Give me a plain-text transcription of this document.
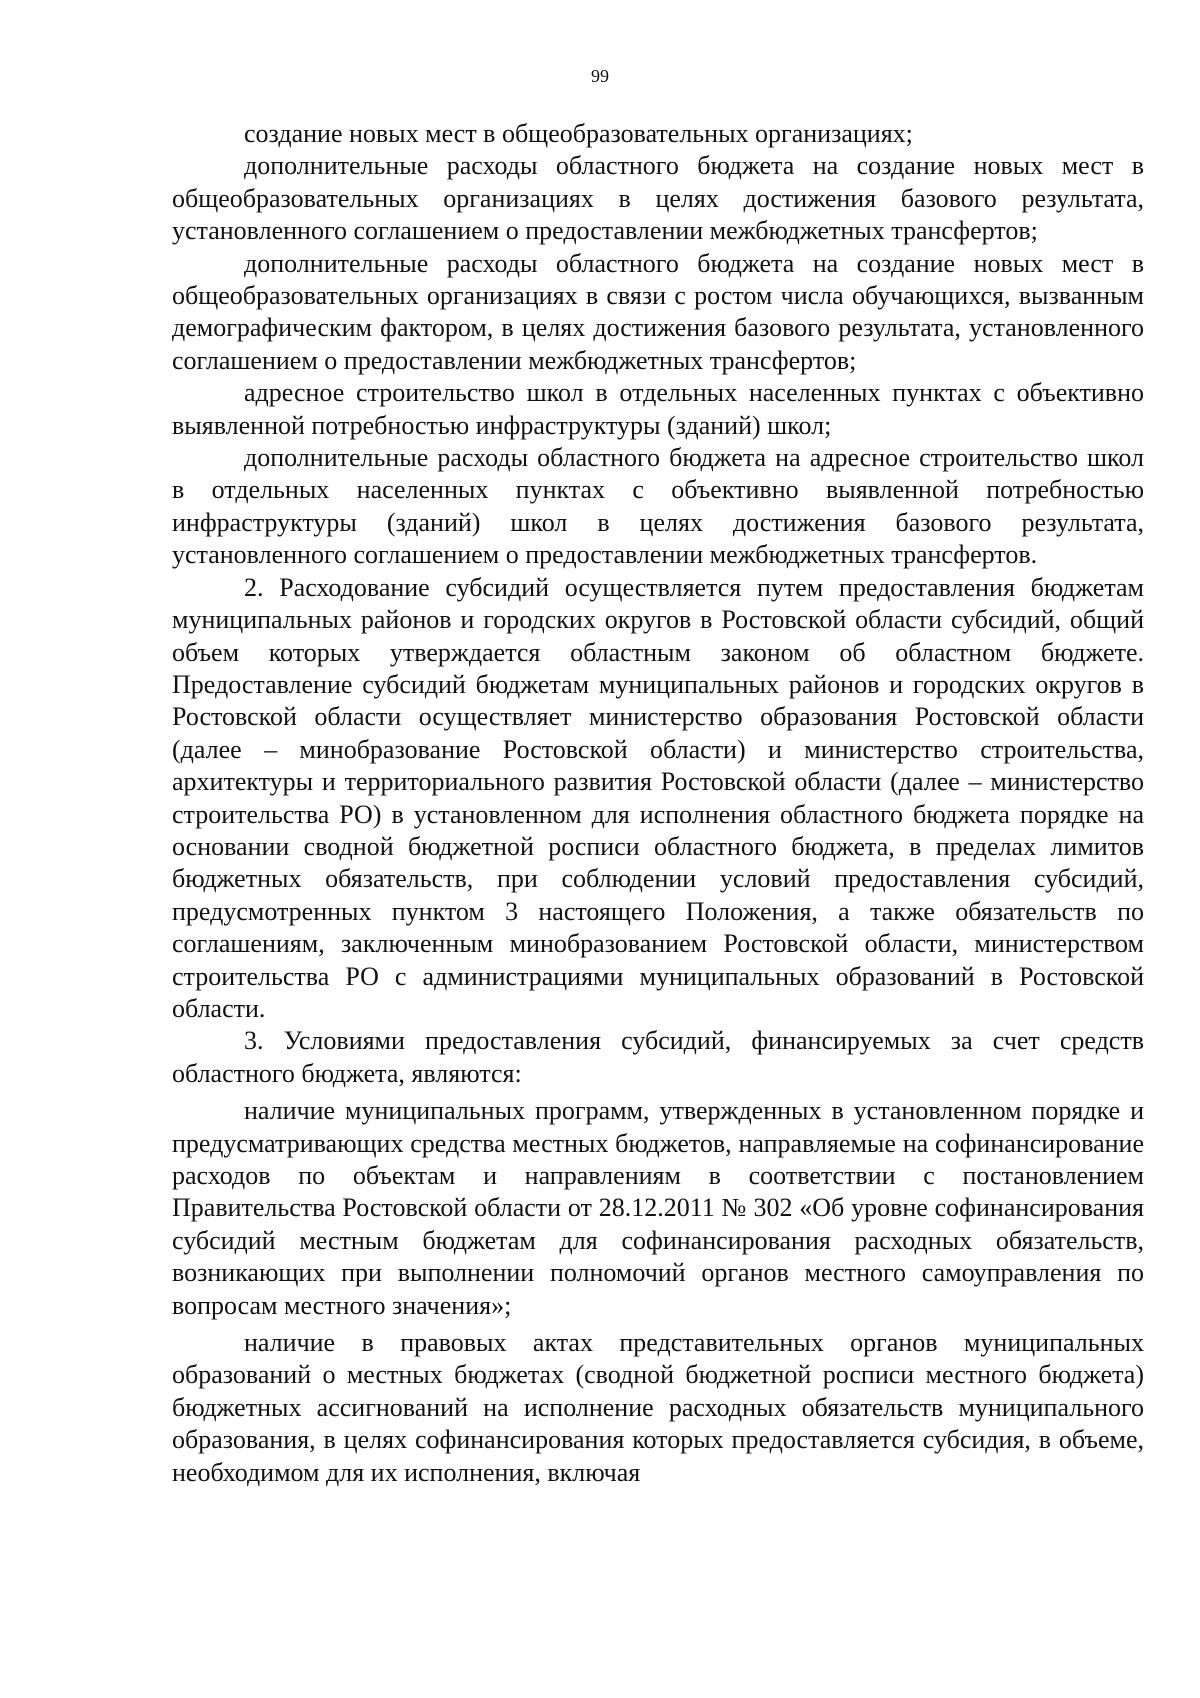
99

создание новых мест в общеобразовательных организациях;

дополнительные расходы областного бюджета на создание новых мест в общеобразовательных организациях в целях достижения базового результата, установленного соглашением о предоставлении межбюджетных трансфертов;

дополнительные расходы областного бюджета на создание новых мест в общеобразовательных организациях в связи с ростом числа обучающихся, вызванным демографическим фактором, в целях достижения базового результата, установленного соглашением о предоставлении межбюджетных трансфертов;

адресное строительство школ в отдельных населенных пунктах с объективно выявленной потребностью инфраструктуры (зданий) школ;

дополнительные расходы областного бюджета на адресное строительство школ в отдельных населенных пунктах с объективно выявленной потребностью инфраструктуры (зданий) школ в целях достижения базового результата, установленного соглашением о предоставлении межбюджетных трансфертов.

2. Расходование субсидий осуществляется путем предоставления бюджетам муниципальных районов и городских округов в Ростовской области субсидий, общий объем которых утверждается областным законом об областном бюджете. Предоставление субсидий бюджетам муниципальных районов и городских округов в Ростовской области осуществляет министерство образования Ростовской области (далее – минобразование Ростовской области) и министерство строительства, архитектуры и территориального развития Ростовской области (далее – министерство строительства РО) в установленном для исполнения областного бюджета порядке на основании сводной бюджетной росписи областного бюджета, в пределах лимитов бюджетных обязательств, при соблюдении условий предоставления субсидий, предусмотренных пунктом 3 настоящего Положения, а также обязательств по соглашениям, заключенным минобразованием Ростовской области, министерством строительства РО с администрациями муниципальных образований в Ростовской области.

3. Условиями предоставления субсидий, финансируемых за счет средств областного бюджета, являются:

наличие муниципальных программ, утвержденных в установленном порядке и предусматривающих средства местных бюджетов, направляемые на софинансирование расходов по объектам и направлениям в соответствии с постановлением Правительства Ростовской области от 28.12.2011 № 302 «Об уровне софинансирования субсидий местным бюджетам для софинансирования расходных обязательств, возникающих при выполнении полномочий органов местного самоуправления по вопросам местного значения»;

наличие в правовых актах представительных органов муниципальных образований о местных бюджетах (сводной бюджетной росписи местного бюджета) бюджетных ассигнований на исполнение расходных обязательств муниципального образования, в целях софинансирования которых предоставляется субсидия, в объеме, необходимом для их исполнения, включая
